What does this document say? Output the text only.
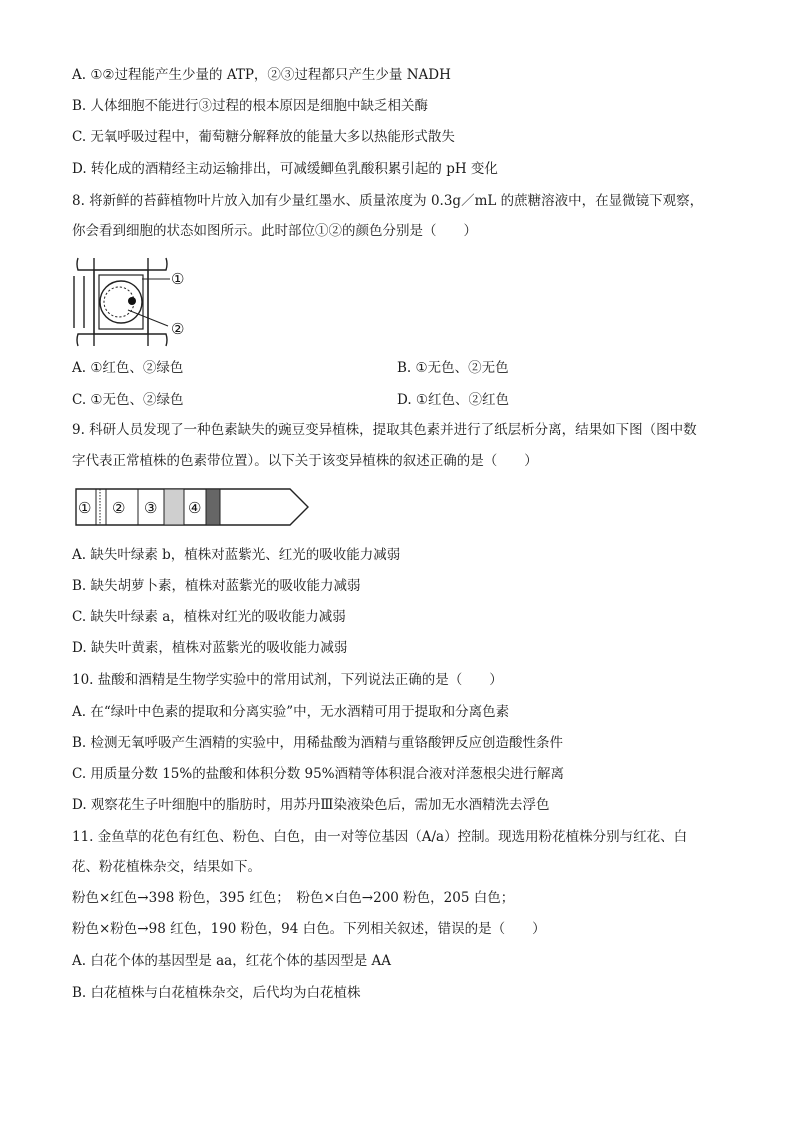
A. ①②过程能产生少量的 ATP，②③过程都只产生少量 NADH
B. 人体细胞不能进行③过程的根本原因是细胞中缺乏相关酶
C. 无氧呼吸过程中，葡萄糖分解释放的能量大多以热能形式散失
D. 转化成的酒精经主动运输排出，可减缓鲫鱼乳酸积累引起的 pH 变化
8. 将新鲜的苔藓植物叶片放入加有少量红墨水、质量浓度为 0.3g／mL 的蔗糖溶液中，在显微镜下观察，
你会看到细胞的状态如图所示。此时部位①②的颜色分别是（　　）
①
②
A. ①红色、②绿色	B. ①无色、②无色
C. ①无色、②绿色	D. ①红色、②红色
9. 科研人员发现了一种色素缺失的豌豆变异植株，提取其色素并进行了纸层析分离，结果如下图（图中数
字代表正常植株的色素带位置）。以下关于该变异植株的叙述正确的是（　　）
① ② ③ ④
A. 缺失叶绿素 b，植株对蓝紫光、红光的吸收能力减弱
B. 缺失胡萝卜素，植株对蓝紫光的吸收能力减弱
C. 缺失叶绿素 a，植株对红光的吸收能力减弱
D. 缺失叶黄素，植株对蓝紫光的吸收能力减弱
10. 盐酸和酒精是生物学实验中的常用试剂，下列说法正确的是（　　）
A. 在“绿叶中色素的提取和分离实验”中，无水酒精可用于提取和分离色素
B. 检测无氧呼吸产生酒精的实验中，用稀盐酸为酒精与重铬酸钾反应创造酸性条件
C. 用质量分数 15%的盐酸和体积分数 95%酒精等体积混合液对洋葱根尖进行解离
D. 观察花生子叶细胞中的脂肪时，用苏丹Ⅲ染液染色后，需加无水酒精洗去浮色
11. 金鱼草的花色有红色、粉色、白色，由一对等位基因（A/a）控制。现选用粉花植株分别与红花、白
花、粉花植株杂交，结果如下。
粉色×红色→398 粉色，395 红色；　粉色×白色→200 粉色，205 白色；
粉色×粉色→98 红色，190 粉色，94 白色。下列相关叙述，错误的是（　　）
A. 白花个体的基因型是 aa，红花个体的基因型是 AA
B. 白花植株与白花植株杂交，后代均为白花植株
